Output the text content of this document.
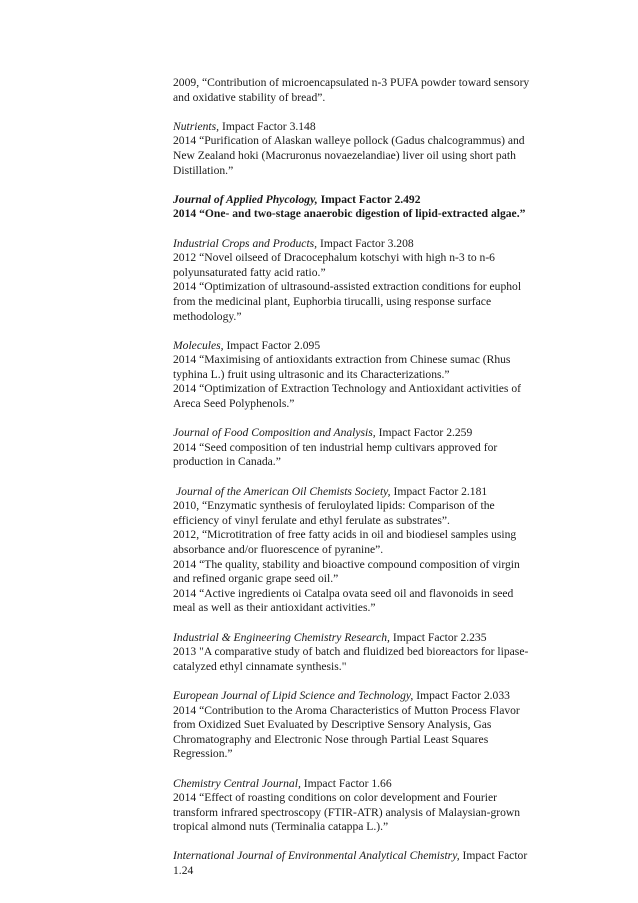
2009, “Contribution of microencapsulated n-3 PUFA powder toward sensory
and oxidative stability of bread”.
Nutrients, Impact Factor 3.148
2014 “Purification of Alaskan walleye pollock (Gadus chalcogrammus) and
New Zealand hoki (Macruronus novaezelandiae) liver oil using short path
Distillation.”
Journal of Applied Phycology, Impact Factor 2.492
2014 “One- and two-stage anaerobic digestion of lipid-extracted algae.”
Industrial Crops and Products, Impact Factor 3.208
2012 “Novel oilseed of Dracocephalum kotschyi with high n-3 to n-6
polyunsaturated fatty acid ratio.”
2014 “Optimization of ultrasound-assisted extraction conditions for euphol
from the medicinal plant, Euphorbia tirucalli, using response surface
methodology.”
Molecules, Impact Factor 2.095
2014 “Maximising of antioxidants extraction from Chinese sumac (Rhus
typhina L.) fruit using ultrasonic and its Characterizations.”
2014 “Optimization of Extraction Technology and Antioxidant activities of
Areca Seed Polyphenols.”
Journal of Food Composition and Analysis, Impact Factor 2.259
2014 “Seed composition of ten industrial hemp cultivars approved for
production in Canada.”
Journal of the American Oil Chemists Society, Impact Factor 2.181
2010, “Enzymatic synthesis of feruloylated lipids: Comparison of the
efficiency of vinyl ferulate and ethyl ferulate as substrates”.
2012, “Microtitration of free fatty acids in oil and biodiesel samples using
absorbance and/or fluorescence of pyranine”.
2014 “The quality, stability and bioactive compound composition of virgin
and refined organic grape seed oil.”
2014 “Active ingredients oi Catalpa ovata seed oil and flavonoids in seed
meal as well as their antioxidant activities.”
Industrial & Engineering Chemistry Research, Impact Factor 2.235
2013 "A comparative study of batch and fluidized bed bioreactors for lipase-
catalyzed ethyl cinnamate synthesis."
European Journal of Lipid Science and Technology, Impact Factor 2.033
2014 “Contribution to the Aroma Characteristics of Mutton Process Flavor
from Oxidized Suet Evaluated by Descriptive Sensory Analysis, Gas
Chromatography and Electronic Nose through Partial Least Squares
Regression.”
Chemistry Central Journal, Impact Factor 1.66
2014 “Effect of roasting conditions on color development and Fourier
transform infrared spectroscopy (FTIR-ATR) analysis of Malaysian-grown
tropical almond nuts (Terminalia catappa L.).”
International Journal of Environmental Analytical Chemistry, Impact Factor
1.24
